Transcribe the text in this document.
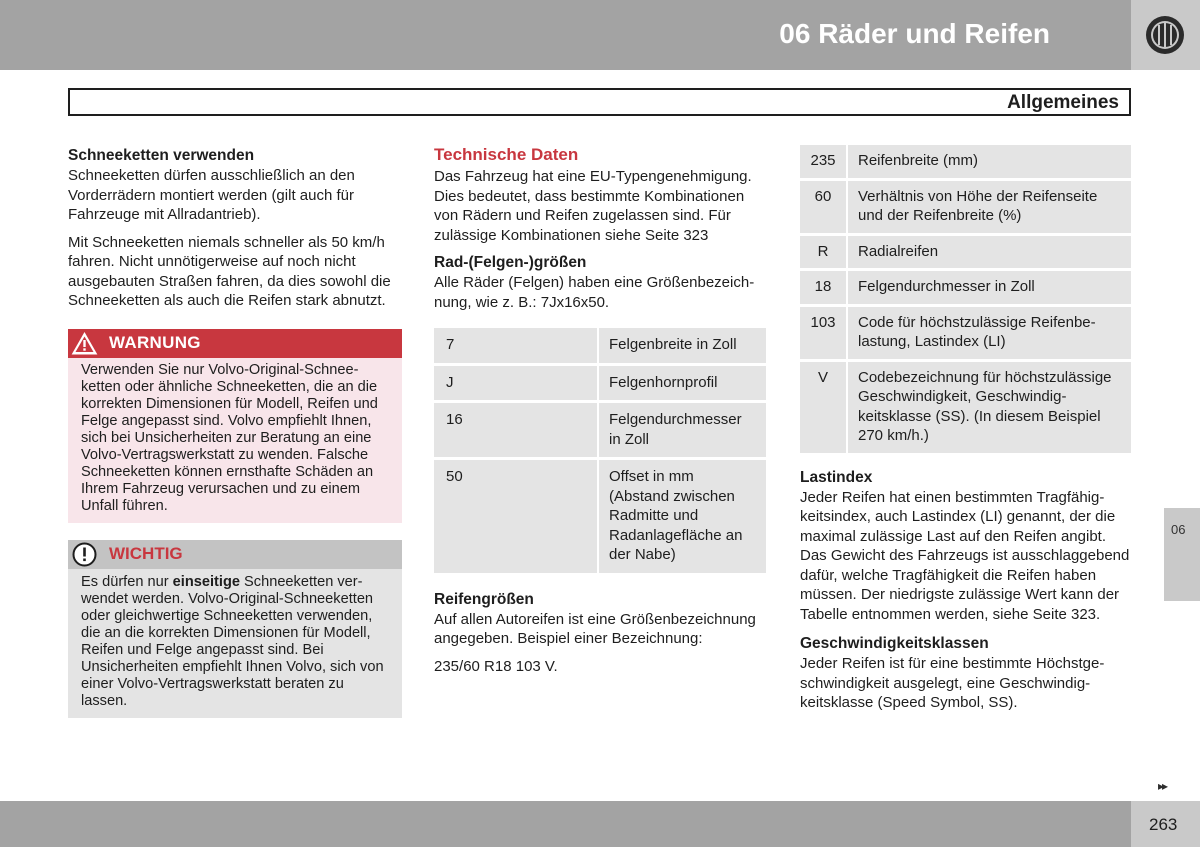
06 Räder und Reifen
Allgemeines
Schneeketten verwenden

Schneeketten dürfen ausschließlich an den Vorderrädern montiert werden (gilt auch für Fahrzeuge mit Allradantrieb).

Mit Schneeketten niemals schneller als 50 km/h fahren. Nicht unnötigerweise auf noch nicht ausgebauten Straßen fahren, da dies sowohl die Schneeketten als auch die Reifen stark abnutzt.

WARNUNG
Verwenden Sie nur Volvo-Original-Schneeketten oder ähnliche Schneeketten, die an die korrekten Dimensionen für Modell, Reifen und Felge angepasst sind. Volvo empfiehlt Ihnen, sich bei Unsicherheiten zur Beratung an eine Volvo-Vertragswerkstatt zu wenden. Falsche Schneeketten können ernsthafte Schäden an Ihrem Fahrzeug verursachen und zu einem Unfall führen.
WICHTIG
Es dürfen nur einseitige Schneeketten verwendet werden. Volvo-Original-Schneeketten oder gleichwertige Schneeketten verwenden, die an die korrekten Dimensionen für Modell, Reifen und Felge angepasst sind. Bei Unsicherheiten empfiehlt Ihnen Volvo, sich von einer Volvo-Vertragswerkstatt beraten zu lassen.
Technische Daten

Das Fahrzeug hat eine EU-Typengenehmigung. Dies bedeutet, dass bestimmte Kombinationen von Rädern und Reifen zugelassen sind. Für zulässige Kombinationen siehe Seite 323

Rad-(Felgen-)größen

Alle Räder (Felgen) haben eine Größenbezeichnung, wie z. B.: 7Jx16x50.

7	Felgenbreite in Zoll
J	Felgenhornprofil
16	Felgendurchmesser in Zoll
50	Offset in mm (Abstand zwischen Radmitte und Radanlagefläche an der Nabe)
Reifengrößen

Auf allen Autoreifen ist eine Größenbezeichnung angegeben. Beispiel einer Bezeichnung:

235/60 R18 103 V.

235	Reifenbreite (mm)
60	Verhältnis von Höhe der Reifenseite und der Reifenbreite (%)
R	Radialreifen
18	Felgendurchmesser in Zoll
103	Code für höchstzulässige Reifenbelastung, Lastindex (LI)
V	Codebezeichnung für höchstzulässige Geschwindigkeit, Geschwindigkeitsklasse (SS). (In diesem Beispiel 270 km/h.)
Lastindex

Jeder Reifen hat einen bestimmten Tragfähigkeitsindex, auch Lastindex (LI) genannt, der die maximal zulässige Last auf den Reifen angibt. Das Gewicht des Fahrzeugs ist ausschlaggebend dafür, welche Tragfähigkeit die Reifen haben müssen. Der niedrigste zulässige Wert kann der Tabelle entnommen werden, siehe Seite 323.

Geschwindigkeitsklassen

Jeder Reifen ist für eine bestimmte Höchstgeschwindigkeit ausgelegt, eine Geschwindigkeitsklasse (Speed Symbol, SS).

06
▸▸
263
